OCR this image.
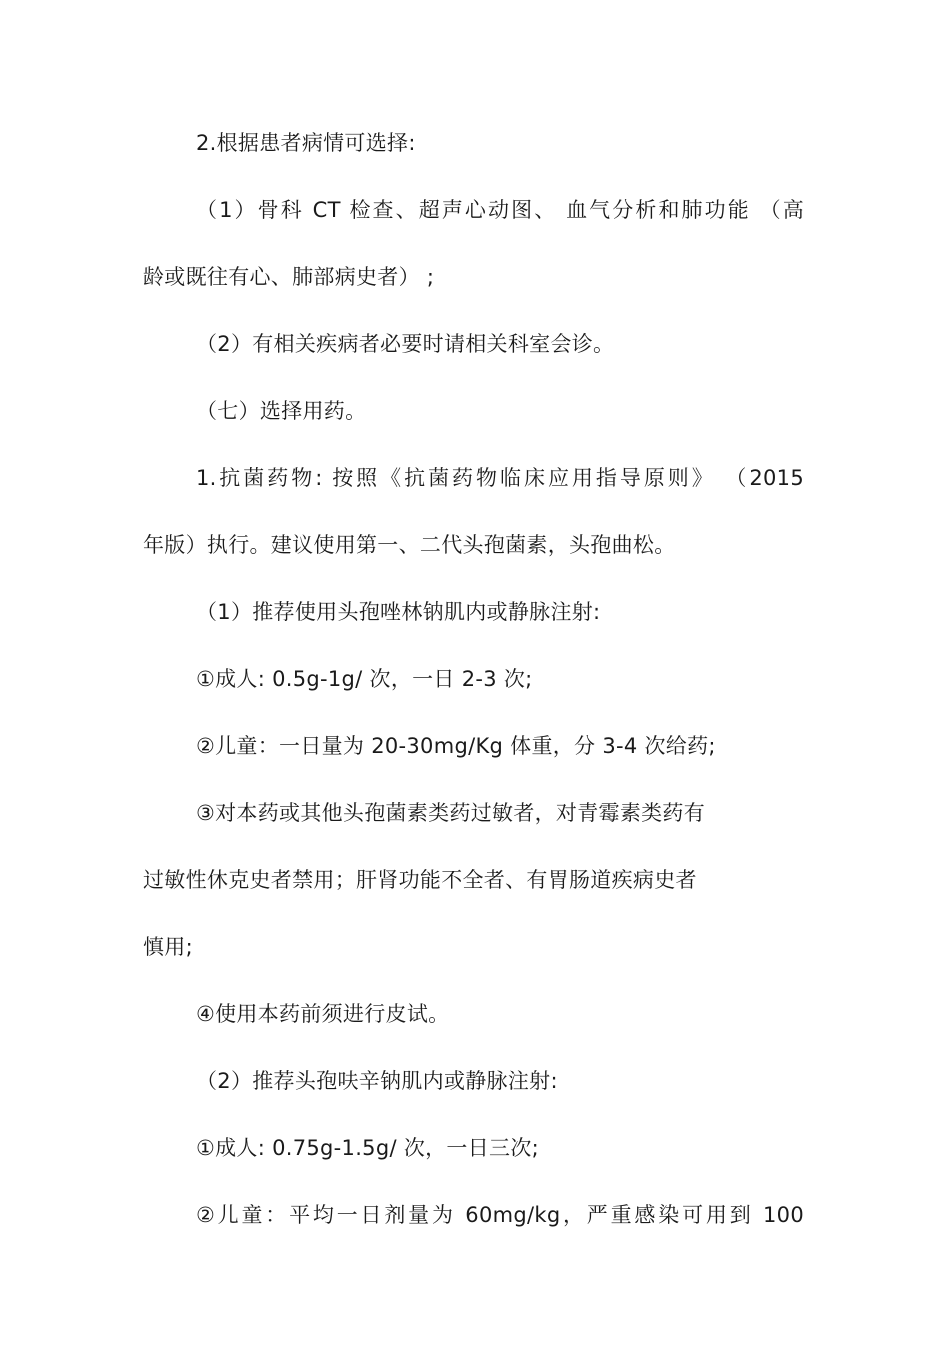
2.根据患者病情可选择:
（1）骨科 CT 检查、超声心动图、 血气分析和肺功能 （高
龄或既往有心、肺部病史者） ;
（2）有相关疾病者必要时请相关科室会诊。
（七）选择用药。
1.抗菌药物: 按照《抗菌药物临床应用指导原则》 （2015
年版）执行。建议使用第一、二代头孢菌素，头孢曲松。
（1）推荐使用头孢唑林钠肌内或静脉注射:
①成人: 0.5g-1g/ 次，一日 2-3 次;
②儿童：一日量为 20-30mg/Kg 体重，分 3-4 次给药;
③对本药或其他头孢菌素类药过敏者，对青霉素类药有
过敏性休克史者禁用；肝肾功能不全者、有胃肠道疾病史者
慎用;
④使用本药前须进行皮试。
（2）推荐头孢呋辛钠肌内或静脉注射:
①成人: 0.75g-1.5g/ 次，一日三次;
②儿童：平均一日剂量为 60mg/kg，严重感染可用到 100
